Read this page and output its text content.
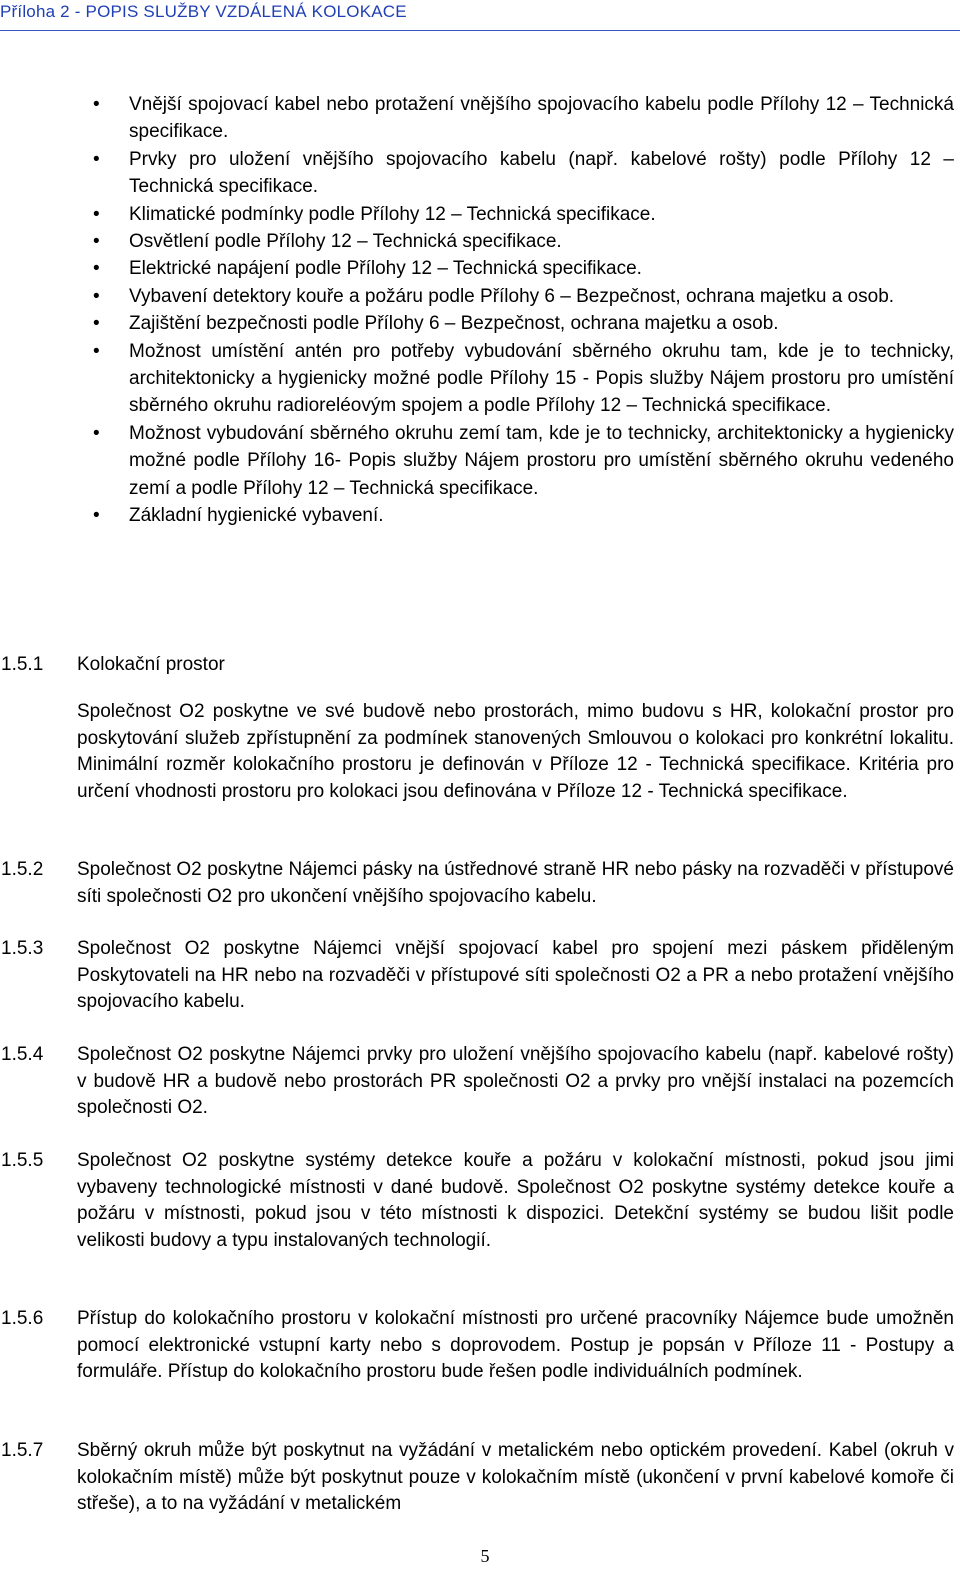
Příloha 2 - POPIS SLUŽBY VZDÁLENÁ KOLOKACE
• Vnější spojovací kabel nebo protažení vnějšího spojovacího kabelu podle Přílohy 12 – Technická specifikace.
• Prvky pro uložení vnějšího spojovacího kabelu (např. kabelové rošty) podle Přílohy 12 – Technická specifikace.
• Klimatické podmínky podle Přílohy 12 – Technická specifikace.
• Osvětlení podle Přílohy 12 – Technická specifikace.
• Elektrické napájení podle Přílohy 12 – Technická specifikace.
• Vybavení detektory kouře a požáru podle Přílohy 6 – Bezpečnost, ochrana majetku a osob.
• Zajištění bezpečnosti podle Přílohy 6 – Bezpečnost, ochrana majetku a osob.
• Možnost umístění antén pro potřeby vybudování sběrného okruhu tam, kde je to technicky, architektonicky a hygienicky možné podle Přílohy 15 - Popis služby Nájem prostoru pro umístění sběrného okruhu radioreléovým spojem a podle Přílohy 12 – Technická specifikace.
• Možnost vybudování sběrného okruhu zemí tam, kde je to technicky, architektonicky a hygienicky možné podle Přílohy 16- Popis služby Nájem prostoru pro umístění sběrného okruhu vedeného zemí a podle Přílohy 12 – Technická specifikace.
• Základní hygienické vybavení.
1.5.1 Kolokační prostor
Společnost O2 poskytne ve své budově nebo prostorách, mimo budovu s HR, kolokační prostor pro poskytování služeb zpřístupnění za podmínek stanovených Smlouvou o kolokaci pro konkrétní lokalitu. Minimální rozměr kolokačního prostoru je definován v Příloze 12 - Technická specifikace. Kritéria pro určení vhodnosti prostoru pro kolokaci jsou definována v Příloze 12 - Technická specifikace.
1.5.2 Společnost O2 poskytne Nájemci pásky na ústřednové straně HR nebo pásky na rozvaděči v přístupové síti společnosti O2 pro ukončení vnějšího spojovacího kabelu.
1.5.3 Společnost O2 poskytne Nájemci vnější spojovací kabel pro spojení mezi páskem přiděleným Poskytovateli na HR nebo na rozvaděči v přístupové síti společnosti O2 a PR a nebo protažení vnějšího spojovacího kabelu.
1.5.4 Společnost O2 poskytne Nájemci prvky pro uložení vnějšího spojovacího kabelu (např. kabelové rošty) v budově HR a budově nebo prostorách PR společnosti O2 a prvky pro vnější instalaci na pozemcích společnosti O2.
1.5.5 Společnost O2 poskytne systémy detekce kouře a požáru v kolokační místnosti, pokud jsou jimi vybaveny technologické místnosti v dané budově. Společnost O2 poskytne systémy detekce kouře a požáru v místnosti, pokud jsou v této místnosti k dispozici. Detekční systémy se budou lišit podle velikosti budovy a typu instalovaných technologií.
1.5.6 Přístup do kolokačního prostoru v kolokační místnosti pro určené pracovníky Nájemce bude umožněn pomocí elektronické vstupní karty nebo s doprovodem. Postup je popsán v Příloze 11 - Postupy a formuláře. Přístup do kolokačního prostoru bude řešen podle individuálních podmínek.
1.5.7 Sběrný okruh může být poskytnut na vyžádání v metalickém nebo optickém provedení. Kabel (okruh v kolokačním místě) může být poskytnut pouze v kolokačním místě (ukončení v první kabelové komoře či střeše), a to na vyžádání v metalickém
5
